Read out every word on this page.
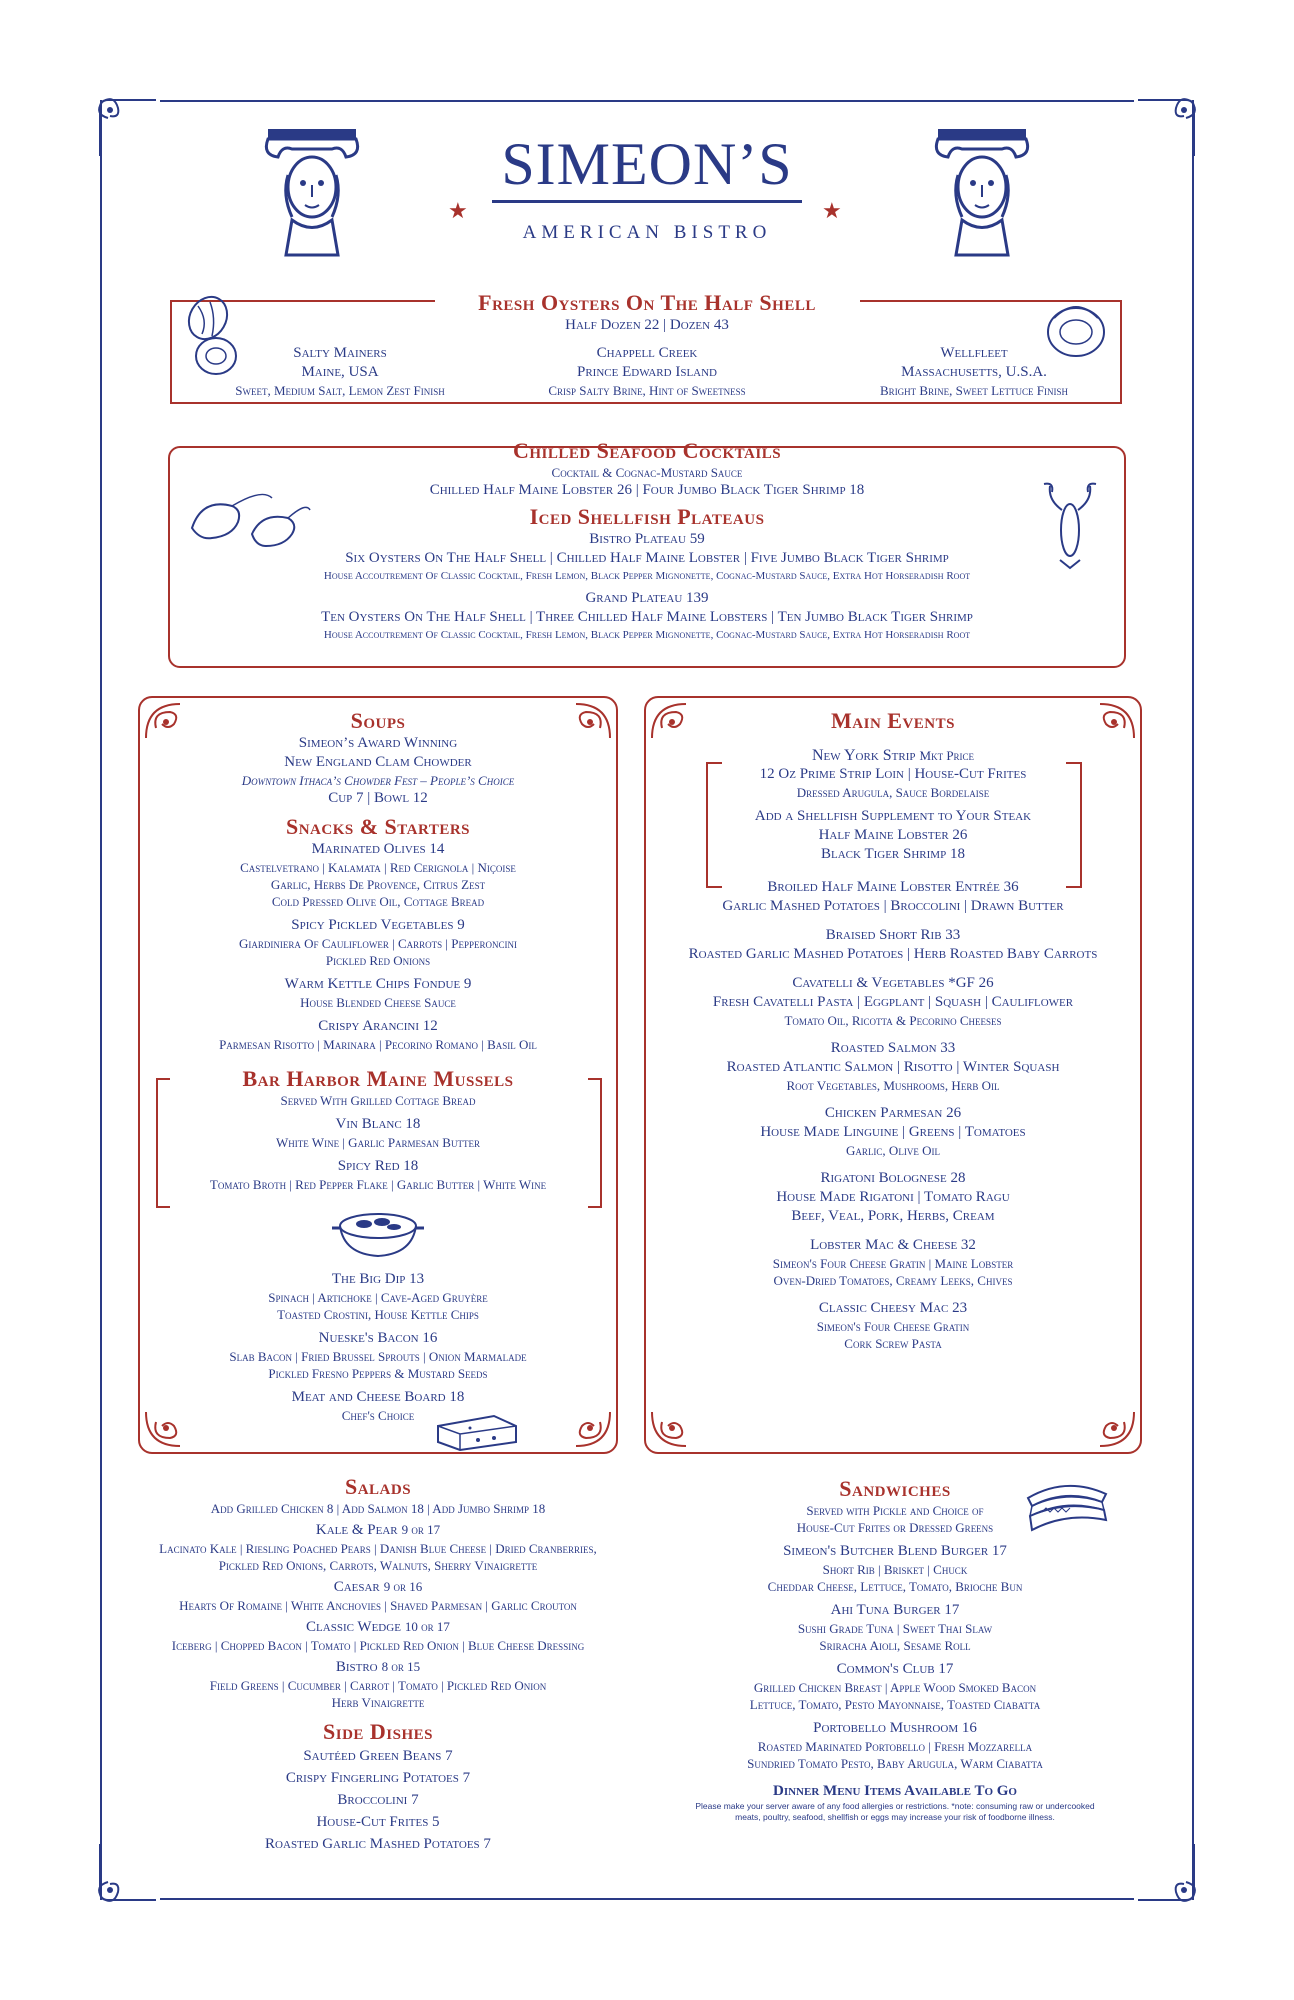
SIMEON’S
★	★
AMERICAN BISTRO
Fresh Oysters On The Half Shell
Half Dozen 22 | Dozen 43
Salty Mainers
Maine, USA
Sweet, Medium Salt, Lemon Zest Finish
Chappell Creek
Prince Edward Island
Crisp Salty Brine, Hint of Sweetness
Wellfleet
Massachusetts, U.S.A.
Bright Brine, Sweet Lettuce Finish
Chilled Seafood Cocktails
Cocktail & Cognac-Mustard Sauce
Chilled Half Maine Lobster 26 | Four Jumbo Black Tiger Shrimp 18
Iced Shellfish Plateaus
Bistro Plateau 59
Six Oysters On The Half Shell | Chilled Half Maine Lobster | Five Jumbo Black Tiger Shrimp
House Accoutrement Of Classic Cocktail, Fresh Lemon, Black Pepper Mignonette, Cognac-Mustard Sauce, Extra Hot Horseradish Root
Grand Plateau 139
Ten Oysters On The Half Shell | Three Chilled Half Maine Lobsters | Ten Jumbo Black Tiger Shrimp
House Accoutrement Of Classic Cocktail, Fresh Lemon, Black Pepper Mignonette, Cognac-Mustard Sauce, Extra Hot Horseradish Root
Soups
Simeon’s Award Winning
New England Clam Chowder
Downtown Ithaca’s Chowder Fest – People’s Choice
Cup 7 | Bowl 12
Snacks & Starters
Marinated Olives 14
Castelvetrano | Kalamata | Red Cerignola | Niçoise
Garlic, Herbs De Provence, Citrus Zest
Cold Pressed Olive Oil, Cottage Bread
Spicy Pickled Vegetables 9
Giardiniera Of Cauliflower | Carrots | Pepperoncini
Pickled Red Onions
Warm Kettle Chips Fondue 9
House Blended Cheese Sauce
Crispy Arancini 12
Parmesan Risotto | Marinara | Pecorino Romano | Basil Oil
Bar Harbor Maine Mussels
Served With Grilled Cottage Bread
Vin Blanc 18
White Wine | Garlic Parmesan Butter
Spicy Red 18
Tomato Broth | Red Pepper Flake | Garlic Butter | White Wine
The Big Dip 13
Spinach | Artichoke | Cave-Aged Gruyère
Toasted Crostini, House Kettle Chips
Nueske's Bacon 16
Slab Bacon | Fried Brussel Sprouts | Onion Marmalade
Pickled Fresno Peppers & Mustard Seeds
Meat and Cheese Board 18
Chef's Choice
Main Events
New York Strip Mkt Price
12 Oz Prime Strip Loin | House-Cut Frites
Dressed Arugula, Sauce Bordelaise
Add a Shellfish Supplement to Your Steak
Half Maine Lobster 26
Black Tiger Shrimp 18
Broiled Half Maine Lobster Entrée 36
Garlic Mashed Potatoes | Broccolini | Drawn Butter
Braised Short Rib 33
Roasted Garlic Mashed Potatoes | Herb Roasted Baby Carrots
Cavatelli & Vegetables *GF 26
Fresh Cavatelli Pasta | Eggplant | Squash | Cauliflower
Tomato Oil, Ricotta & Pecorino Cheeses
Roasted Salmon 33
Roasted Atlantic Salmon | Risotto | Winter Squash
Root Vegetables, Mushrooms, Herb Oil
Chicken Parmesan 26
House Made Linguine | Greens | Tomatoes
Garlic, Olive Oil
Rigatoni Bolognese 28
House Made Rigatoni | Tomato Ragu
Beef, Veal, Pork, Herbs, Cream
Lobster Mac & Cheese 32
Simeon's Four Cheese Gratin | Maine Lobster
Oven-Dried Tomatoes, Creamy Leeks, Chives
Classic Cheesy Mac 23
Simeon's Four Cheese Gratin
Cork Screw Pasta
Salads
Add Grilled Chicken 8 | Add Salmon 18 | Add Jumbo Shrimp 18
Kale & Pear 9 or 17
Lacinato Kale | Riesling Poached Pears | Danish Blue Cheese | Dried Cranberries,
Pickled Red Onions, Carrots, Walnuts, Sherry Vinaigrette
Caesar 9 or 16
Hearts Of Romaine | White Anchovies | Shaved Parmesan | Garlic Crouton
Classic Wedge 10 or 17
Iceberg | Chopped Bacon | Tomato | Pickled Red Onion | Blue Cheese Dressing
Bistro 8 or 15
Field Greens | Cucumber | Carrot | Tomato | Pickled Red Onion
Herb Vinaigrette
Side Dishes
Sautéed Green Beans 7
Crispy Fingerling Potatoes 7
Broccolini 7
House-Cut Frites 5
Roasted Garlic Mashed Potatoes 7
Sandwiches
Served with Pickle and Choice of
House-Cut Frites or Dressed Greens
Simeon's Butcher Blend Burger 17
Short Rib | Brisket | Chuck
Cheddar Cheese, Lettuce, Tomato, Brioche Bun
Ahi Tuna Burger 17
Sushi Grade Tuna | Sweet Thai Slaw
Sriracha Aioli, Sesame Roll
Common's Club 17
Grilled Chicken Breast | Apple Wood Smoked Bacon
Lettuce, Tomato, Pesto Mayonnaise, Toasted Ciabatta
Portobello Mushroom 16
Roasted Marinated Portobello | Fresh Mozzarella
Sundried Tomato Pesto, Baby Arugula, Warm Ciabatta
Dinner Menu Items Available To Go
Please make your server aware of any food allergies or restrictions. *note: consuming raw or undercooked
meats, poultry, seafood, shellfish or eggs may increase your risk of foodborne illness.
